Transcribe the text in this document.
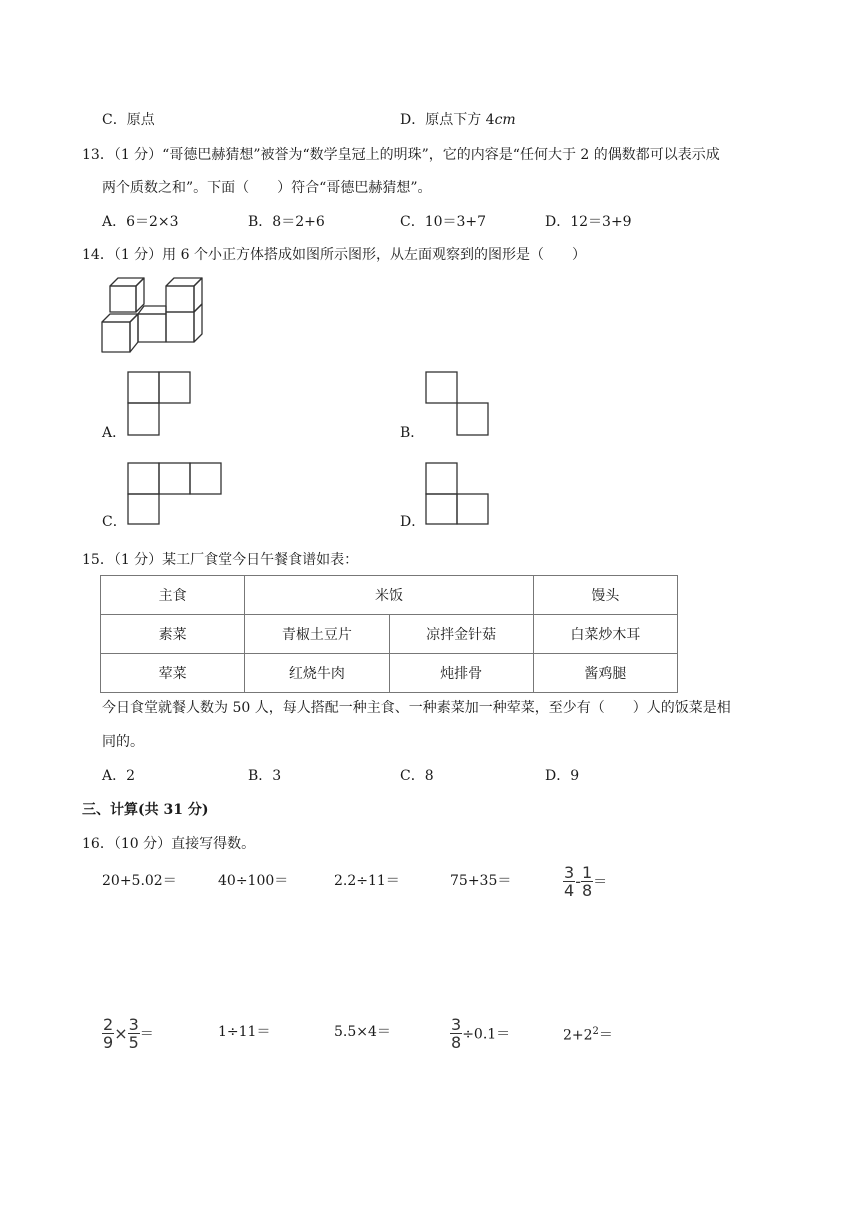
C．原点	D．原点下方 4cm
13．（1 分）“哥德巴赫猜想”被誉为“数学皇冠上的明珠”，它的内容是“任何大于 2 的偶数都可以表示成
两个质数之和”。下面（　　）符合“哥德巴赫猜想”。
A．6＝2×3	B．8＝2+6	C．10＝3+7	D．12＝3+9
14．（1 分）用 6 个小正方体搭成如图所示图形，从左面观察到的图形是（　　）
A．	B．
C．	D．
15．（1 分）某工厂食堂今日午餐食谱如表：
主食	米饭		馒头
素菜	青椒土豆片	凉拌金针菇	白菜炒木耳
荤菜	红烧牛肉	炖排骨	酱鸡腿
今日食堂就餐人数为 50 人，每人搭配一种主食、一种素菜加一种荤菜，至少有（　　）人的饭菜是相
同的。
A．2	B．3	C．8	D．9
三、计算(共 31 分)
16．（10 分）直接写得数。
20+5.02＝	40÷100＝	2.2÷11＝	75+35＝	$\frac{3}{4} - \frac{1}{8}$ ＝
$\frac{2}{9} \times \frac{3}{5}$ ＝	1÷11＝	5.5×4＝	$\frac{3}{8} \div 0.1=$	$2+2^2=$
